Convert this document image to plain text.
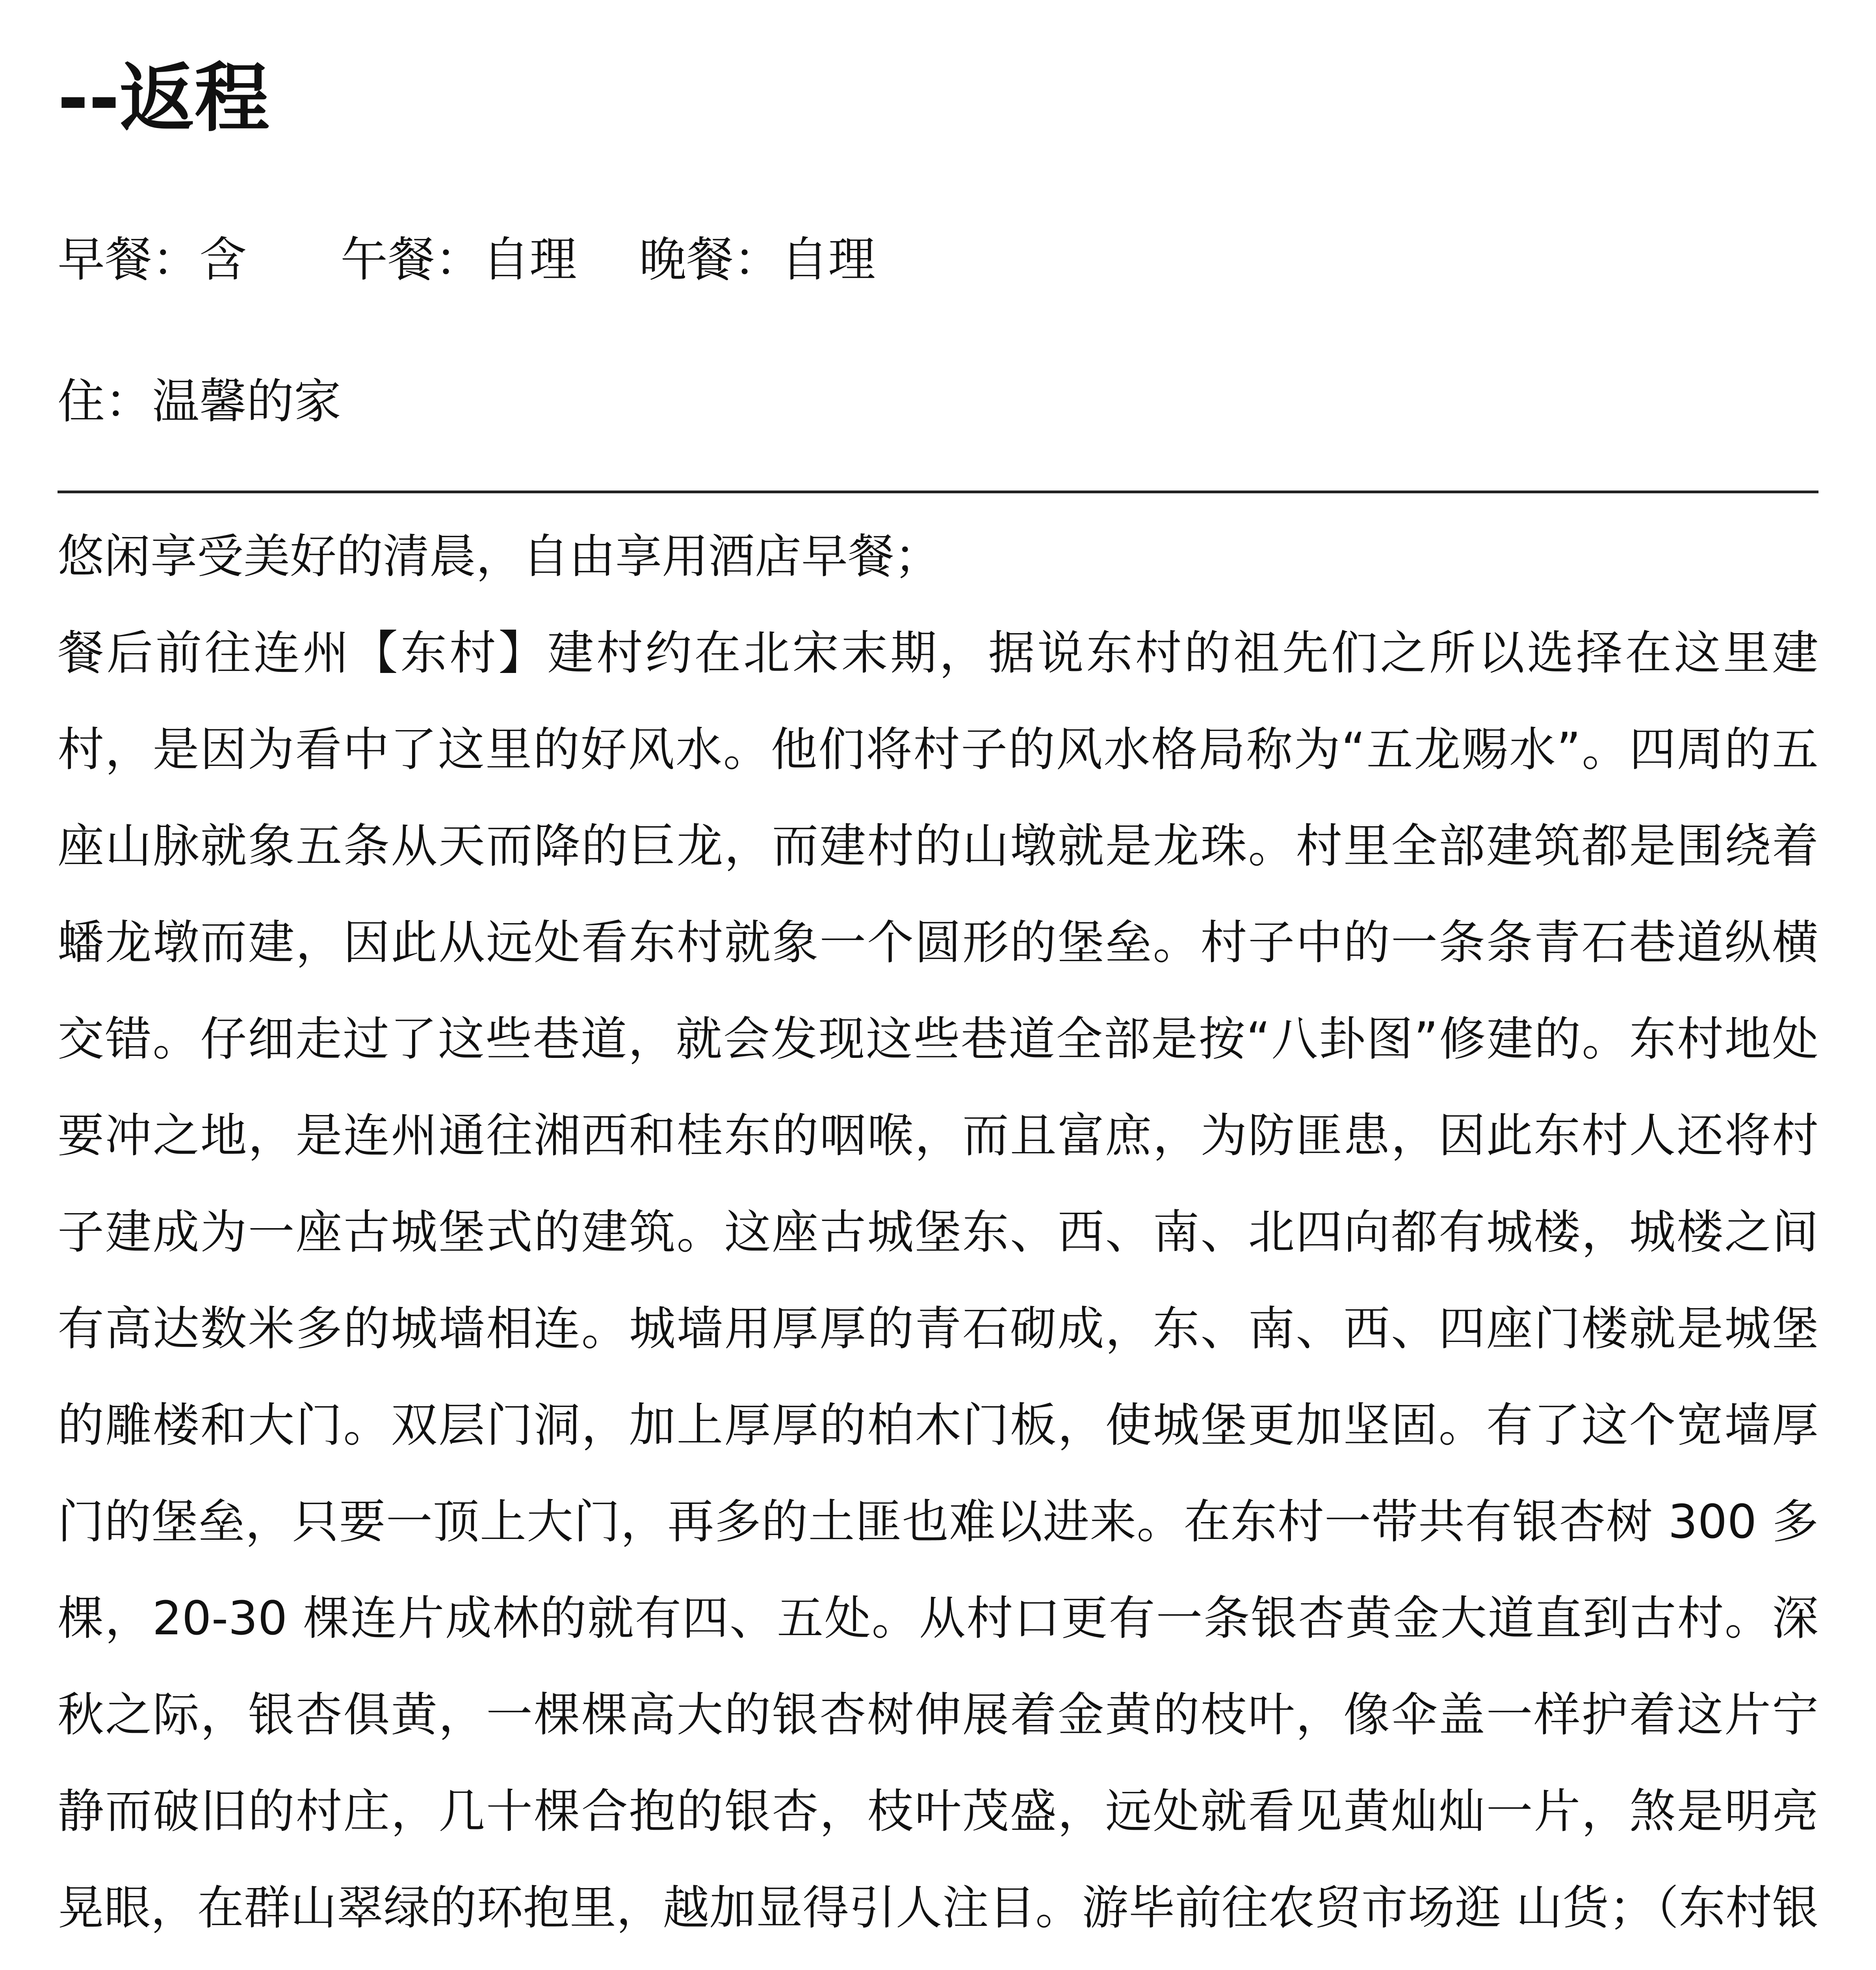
--返程
早餐：含 午餐：自理 晚餐：自理
住：温馨的家

悠闲享受美好的清晨，自由享用酒店早餐；

餐后前往连州【东村】建村约在北宋末期，据说东村的祖先们之所以选择在这里建村，是因为看中了这里的好风水。他们将村子的风水格局称为“五龙赐水”。四周的五座山脉就象五条从天而降的巨龙，而建村的山墩就是龙珠。村里全部建筑都是围绕着蟠龙墩而建，因此从远处看东村就象一个圆形的堡垒。村子中的一条条青石巷道纵横交错。仔细走过了这些巷道，就会发现这些巷道全部是按“八卦图”修建的。东村地处要冲之地，是连州通往湘西和桂东的咽喉，而且富庶，为防匪患，因此东村人还将村子建成为一座古城堡式的建筑。这座古城堡东、西、南、北四向都有城楼，城楼之间有高达数米多的城墙相连。城墙用厚厚的青石砌成，东、南、西、四座门楼就是城堡的雕楼和大门。双层门洞，加上厚厚的柏木门板，使城堡更加坚固。有了这个宽墙厚门的堡垒，只要一顶上大门，再多的土匪也难以进来。在东村一带共有银杏树 300 多棵，20-30 棵连片成林的就有四、五处。从村口更有一条银杏黄金大道直到古村。深秋之际，银杏俱黄，一棵棵高大的银杏树伸展着金黄的枝叶，像伞盖一样护着这片宁静而破旧的村庄，几十棵合抱的银杏，枝叶茂盛，远处就看见黄灿灿一片，煞是明亮晃眼，在群山翠绿的环抱里，越加显得引人注目。游毕前往农贸市场逛 山货；（东村银
